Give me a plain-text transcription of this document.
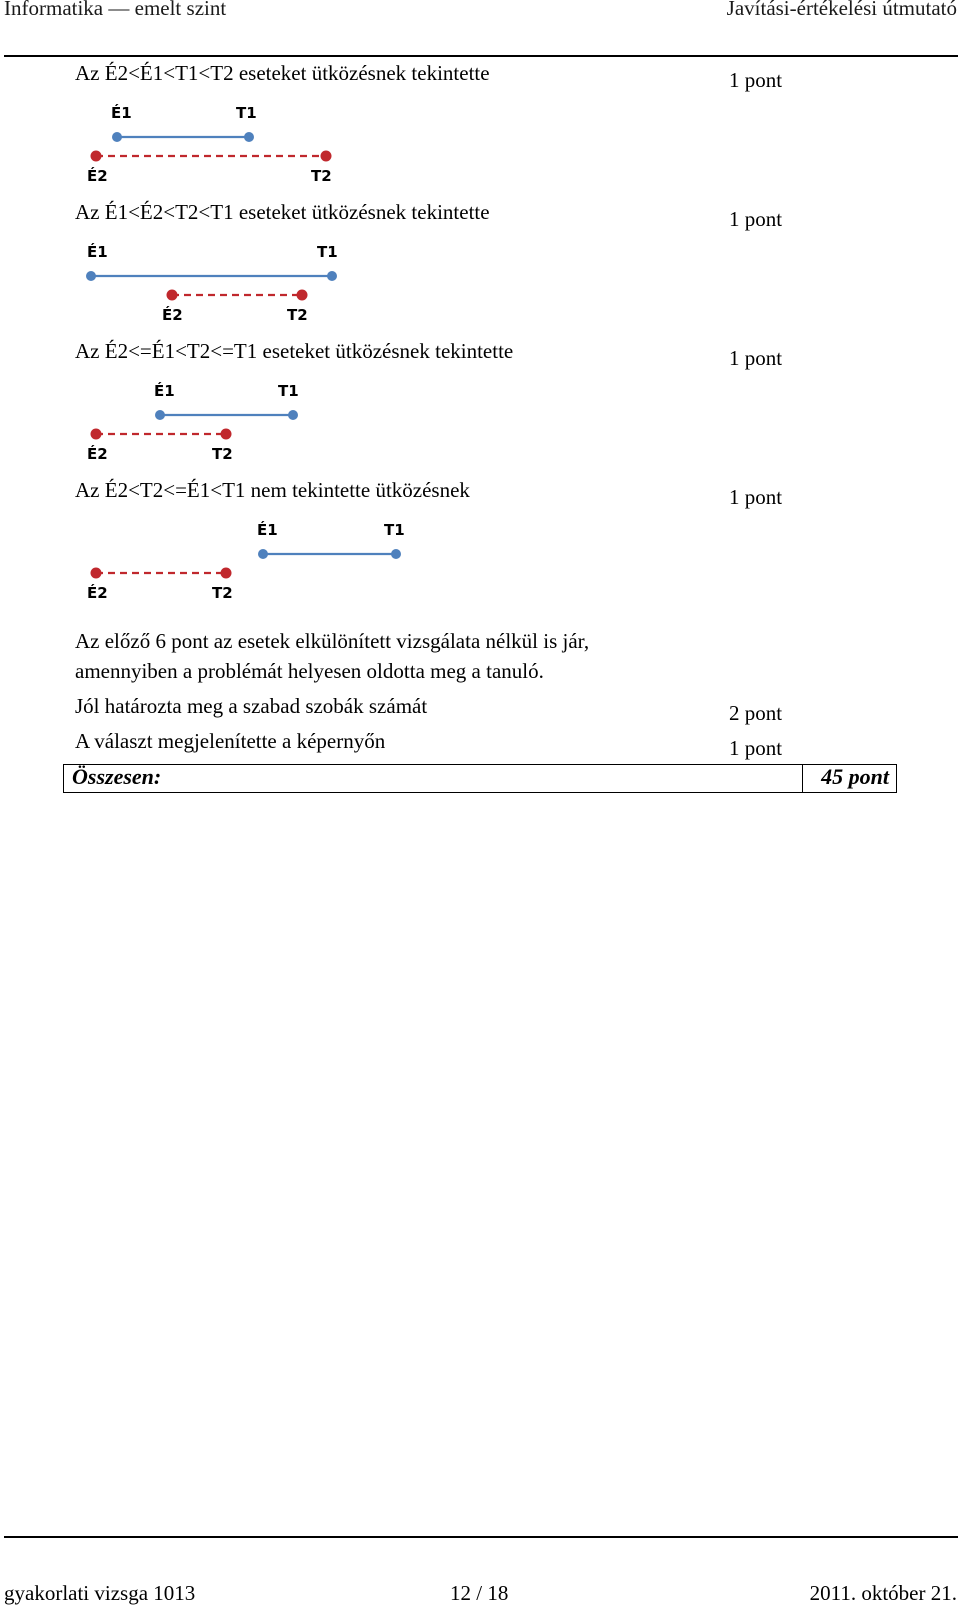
Informatika — emelt szint	Javítási-értékelési útmutató
Az É2<É1<T1<T2 eseteket ütközésnek tekintette	1 pont
É1	T1
É2	T2
Az É1<É2<T2<T1 eseteket ütközésnek tekintette	1 pont
É1	T1
É2	T2
Az É2<=É1<T2<=T1 eseteket ütközésnek tekintette	1 pont
É1	T1
É2	T2
Az É2<T2<=É1<T1 nem tekintette ütközésnek	1 pont
É1	T1
É2	T2
Az előző 6 pont az esetek elkülönített vizsgálata nélkül is jár,
amennyiben a problémát helyesen oldotta meg a tanuló.
Jól határozta meg a szabad szobák számát	2 pont
A választ megjelenítette a képernyőn	1 pont
Összesen:	45 pont
gyakorlati vizsga 1013	12 / 18	2011. október 21.
